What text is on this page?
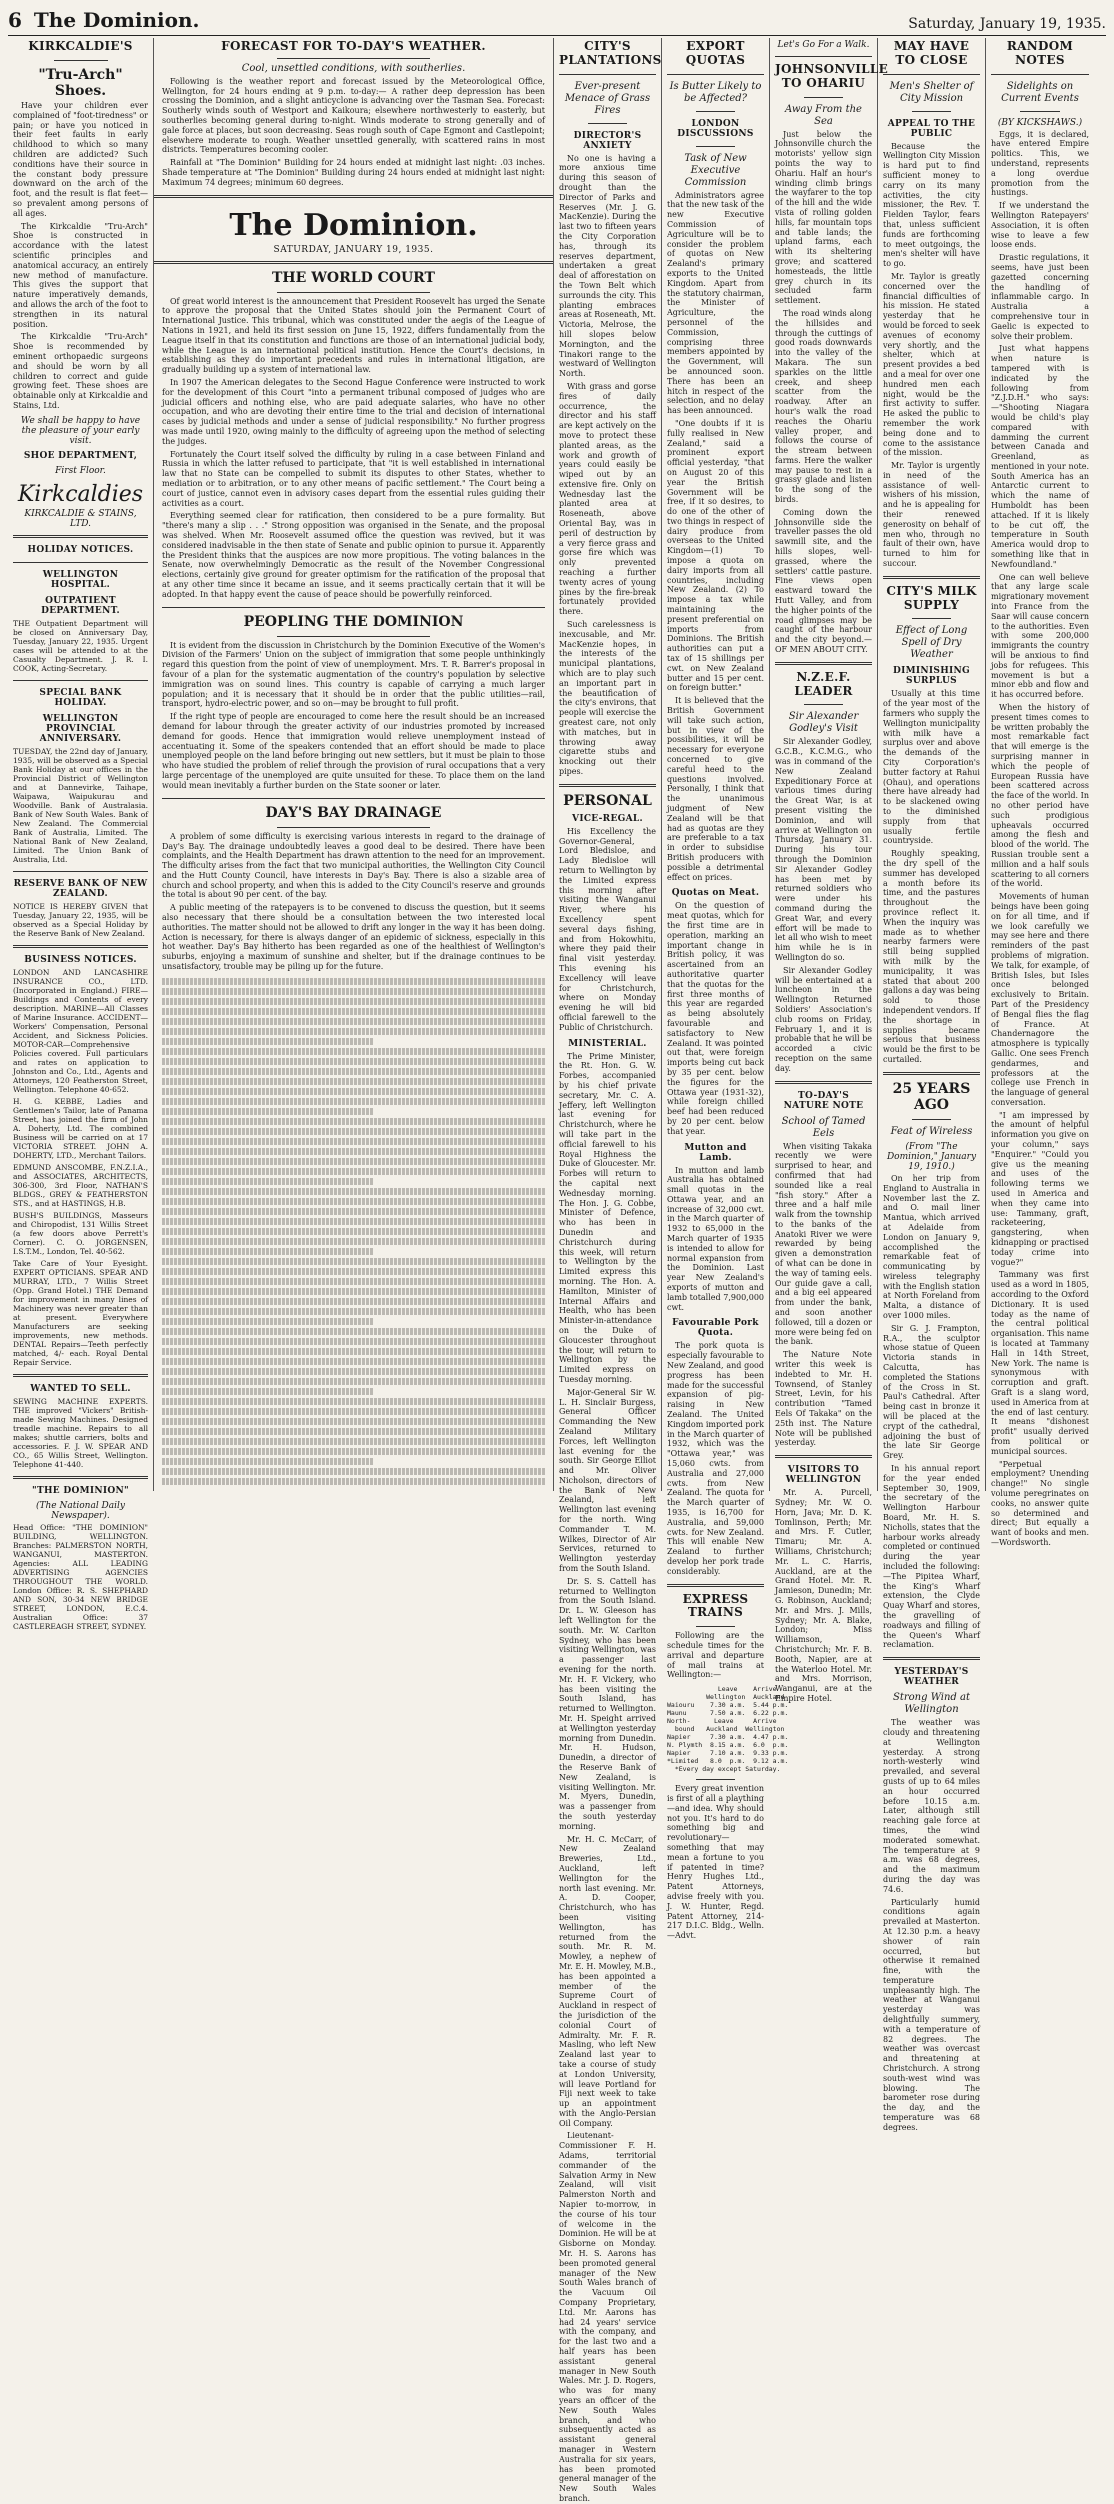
6 The Dominion.	Saturday, January 19, 1935.
KIRKCALDIE'S
"Tru-Arch" Shoes.

Have your children ever complained of "foot-tiredness" or pain; or have you noticed in their feet faults in early childhood to which so many children are addicted? Such conditions have their source in the constant body pressure downward on the arch of the foot, and the result is flat feet—so prevalent among persons of all ages.

The Kirkcaldie "Tru-Arch" Shoe is constructed in accordance with the latest scientific principles and anatomical accuracy, an entirely new method of manufacture. This gives the support that nature imperatively demands, and allows the arch of the foot to strengthen in its natural position.

The Kirkcaldie "Tru-Arch" Shoe is recommended by eminent orthopaedic surgeons and should be worn by all children to correct and guide growing feet. These shoes are obtainable only at Kirkcaldie and Stains, Ltd.

We shall be happy to have the pleasure of your early visit.
SHOE DEPARTMENT,
First Floor.
Kirkcaldies
KIRKCALDIE & STAINS, LTD.
HOLIDAY NOTICES.
WELLINGTON HOSPITAL.
OUTPATIENT DEPARTMENT.

THE Outpatient Department will be closed on Anniversary Day, Tuesday, January 22, 1935. Urgent cases will be attended to at the Casualty Department. J. R. I. COOK, Acting-Secretary.

SPECIAL BANK HOLIDAY.
WELLINGTON PROVINCIAL ANNIVERSARY.

TUESDAY, the 22nd day of January, 1935, will be observed as a Special Bank Holiday at our offices in the Provincial District of Wellington and at Dannevirke, Taihape, Waipawa, Waipukurau and Woodville. Bank of Australasia. Bank of New South Wales. Bank of New Zealand. The Commercial Bank of Australia, Limited. The National Bank of New Zealand, Limited. The Union Bank of Australia, Ltd.

RESERVE BANK OF NEW ZEALAND.

NOTICE IS HEREBY GIVEN that Tuesday, January 22, 1935, will be observed as a Special Holiday by the Reserve Bank of New Zealand.

BUSINESS NOTICES.

LONDON AND LANCASHIRE INSURANCE CO., LTD. (Incorporated in England.) FIRE—Buildings and Contents of every description. MARINE—All Classes of Marine Insurance. ACCIDENT—Workers' Compensation, Personal Accident, and Sickness Policies. MOTOR-CAR—Comprehensive Policies covered. Full particulars and rates on application to Johnston and Co., Ltd., Agents and Attorneys, 120 Featherston Street, Wellington. Telephone 40-652.

H. G. KEBBE, Ladies and Gentlemen's Tailor, late of Panama Street, has joined the firm of John A. Doherty, Ltd. The combined Business will be carried on at 17 VICTORIA STREET. JOHN A. DOHERTY, LTD., Merchant Tailors.

EDMUND ANSCOMBE, F.N.Z.I.A., and ASSOCIATES, ARCHITECTS, 306-300, 3rd Floor, NATHAN'S BLDGS., GREY & FEATHERSTON STS., and at HASTINGS, H.B.

BUSH'S BUILDINGS, Masseurs and Chiropodist, 131 Willis Street (a few doors above Perrett's Corner). C. O. JORGENSEN, I.S.T.M., London, Tel. 40-562.

Take Care of Your Eyesight. EXPERT OPTICIANS. SPEAR AND MURRAY, LTD., 7 Willis Street (Opp. Grand Hotel.) THE Demand for improvement in many lines of Machinery was never greater than at present. Everywhere Manufacturers are seeking improvements, new methods. DENTAL Repairs—Teeth perfectly matched, 4/- each. Royal Dental Repair Service.

WANTED TO SELL.

SEWING MACHINE EXPERTS. THE improved "Vickers" British-made Sewing Machines. Designed treadle machine. Repairs to all makes; shuttle carriers, bolts and accessories. F. J. W. SPEAR AND CO., 65 Willis Street, Wellington. Telephone 41-440.

"THE DOMINION"
(The National Daily Newspaper).

Head Office: "THE DOMINION" BUILDING, WELLINGTON. Branches: PALMERSTON NORTH, WANGANUI, MASTERTON. Agencies: ALL LEADING ADVERTISING AGENCIES THROUGHOUT THE WORLD. London Office: R. S. SHEPHARD AND SON, 30-34 NEW BRIDGE STREET, LONDON, E.C.4. Australian Office: 37 CASTLEREAGH STREET, SYDNEY.

FORECAST FOR TO-DAY'S WEATHER.
Cool, unsettled conditions, with southerlies.

Following is the weather report and forecast issued by the Meteorological Office, Wellington, for 24 hours ending at 9 p.m. to-day:— A rather deep depression has been crossing the Dominion, and a slight anticyclone is advancing over the Tasman Sea. Forecast: Southerly winds south of Westport and Kaikoura; elsewhere northwesterly to easterly, but southerlies becoming general during to-night. Winds moderate to strong generally and of gale force at places, but soon decreasing. Seas rough south of Cape Egmont and Castlepoint; elsewhere moderate to rough. Weather unsettled generally, with scattered rains in most districts. Temperatures becoming cooler.

Rainfall at "The Dominion" Building for 24 hours ended at midnight last night: .03 inches. Shade temperature at "The Dominion" Building during 24 hours ended at midnight last night: Maximum 74 degrees; minimum 60 degrees.

The Dominion.
SATURDAY, JANUARY 19, 1935.
THE WORLD COURT

Of great world interest is the announcement that President Roosevelt has urged the Senate to approve the proposal that the United States should join the Permanent Court of International Justice. This tribunal, which was constituted under the aegis of the League of Nations in 1921, and held its first session on June 15, 1922, differs fundamentally from the League itself in that its constitution and functions are those of an international judicial body, while the League is an international political institution. Hence the Court's decisions, in establishing as they do important precedents and rules in international litigation, are gradually building up a system of international law.

In 1907 the American delegates to the Second Hague Conference were instructed to work for the development of this Court "into a permanent tribunal composed of judges who are judicial officers and nothing else, who are paid adequate salaries, who have no other occupation, and who are devoting their entire time to the trial and decision of international cases by judicial methods and under a sense of judicial responsibility." No further progress was made until 1920, owing mainly to the difficulty of agreeing upon the method of selecting the judges.

Fortunately the Court itself solved the difficulty by ruling in a case between Finland and Russia in which the latter refused to participate, that "it is well established in international law that no State can be compelled to submit its disputes to other States, whether to mediation or to arbitration, or to any other means of pacific settlement." The Court being a court of justice, cannot even in advisory cases depart from the essential rules guiding their activities as a court.

Everything seemed clear for ratification, then considered to be a pure formality. But "there's many a slip . . ." Strong opposition was organised in the Senate, and the proposal was shelved. When Mr. Roosevelt assumed office the question was revived, but it was considered inadvisable in the then state of Senate and public opinion to pursue it. Apparently the President thinks that the auspices are now more propitious. The voting balances in the Senate, now overwhelmingly Democratic as the result of the November Congressional elections, certainly give ground for greater optimism for the ratification of the proposal that at any other time since it became an issue, and it seems practically certain that it will be adopted. In that happy event the cause of peace should be powerfully reinforced.

PEOPLING THE DOMINION

It is evident from the discussion in Christchurch by the Dominion Executive of the Women's Division of the Farmers' Union on the subject of immigration that some people unthinkingly regard this question from the point of view of unemployment. Mrs. T. R. Barrer's proposal in favour of a plan for the systematic augmentation of the country's population by selective immigration was on sound lines. This country is capable of carrying a much larger population; and it is necessary that it should be in order that the public utilities—rail, transport, hydro-electric power, and so on—may be brought to full profit.

If the right type of people are encouraged to come here the result should be an increased demand for labour through the greater activity of our industries promoted by increased demand for goods. Hence that immigration would relieve unemployment instead of accentuating it. Some of the speakers contended that an effort should be made to place unemployed people on the land before bringing out new settlers, but it must be plain to those who have studied the problem of relief through the provision of rural occupations that a very large percentage of the unemployed are quite unsuited for these. To place them on the land would mean inevitably a further burden on the State sooner or later.

DAY'S BAY DRAINAGE

A problem of some difficulty is exercising various interests in regard to the drainage of Day's Bay. The drainage undoubtedly leaves a good deal to be desired. There have been complaints, and the Health Department has drawn attention to the need for an improvement. The difficulty arises from the fact that two municipal authorities, the Wellington City Council and the Hutt County Council, have interests in Day's Bay. There is also a sizable area of church and school property, and when this is added to the City Council's reserve and grounds the total is about 90 per cent. of the bay.

A public meeting of the ratepayers is to be convened to discuss the question, but it seems also necessary that there should be a consultation between the two interested local authorities. The matter should not be allowed to drift any longer in the way it has been doing. Action is necessary, for there is always danger of an epidemic of sickness, especially in this hot weather. Day's Bay hitherto has been regarded as one of the healthiest of Wellington's suburbs, enjoying a maximum of sunshine and shelter, but if the drainage continues to be unsatisfactory, trouble may be piling up for the future.

CITY'S PLANTATIONS
Ever-present Menace of Grass Fires
DIRECTOR'S ANXIETY

No one is having a more anxious time during this season of drought than the Director of Parks and Reserves (Mr. J. G. MacKenzie). During the last two to fifteen years the City Corporation has, through its reserves department, undertaken a great deal of afforestation on the Town Belt which surrounds the city. This planting embraces areas at Roseneath, Mt. Victoria, Melrose, the hill slopes below Mornington, and the Tinakori range to the westward of Wellington North.

With grass and gorse fires of daily occurrence, the director and his staff are kept actively on the move to protect these planted areas, as the work and growth of years could easily be wiped out by an extensive fire. Only on Wednesday last the planted area at Roseneath, above Oriental Bay, was in peril of destruction by a very fierce grass and gorse fire which was only prevented reaching a further twenty acres of young pines by the fire-break fortunately provided there.

Such carelessness is inexcusable, and Mr. MacKenzie hopes, in the interests of the municipal plantations, which are to play such an important part in the beautification of the city's environs, that people will exercise the greatest care, not only with matches, but in throwing away cigarette stubs and knocking out their pipes.

PERSONAL
VICE-REGAL.

His Excellency the Governor-General, Lord Bledisloe, and Lady Bledisloe will return to Wellington by the Limited express this morning after visiting the Wanganui River, where his Excellency spent several days fishing, and from Hokowhitu, where they paid their final visit yesterday. This evening his Excellency will leave for Christchurch, where on Monday evening he will bid official farewell to the Public of Christchurch.

MINISTERIAL.

The Prime Minister, the Rt. Hon. G. W. Forbes, accompanied by his chief private secretary, Mr. C. A. Jeffery, left Wellington last evening for Christchurch, where he will take part in the official farewell to his Royal Highness the Duke of Gloucester. Mr. Forbes will return to the capital next Wednesday morning. The Hon. J. G. Cobbe, Minister of Defence, who has been in Dunedin and Christchurch during this week, will return to Wellington by the Limited express this morning. The Hon. A. Hamilton, Minister of Internal Affairs and Health, who has been Minister-in-attendance on the Duke of Gloucester throughout the tour, will return to Wellington by the Limited express on Tuesday morning.

Major-General Sir W. L. H. Sinclair Burgess, General Officer Commanding the New Zealand Military Forces, left Wellington last evening for the south. Sir George Elliot and Mr. Oliver Nicholson, directors of the Bank of New Zealand, left Wellington last evening for the north. Wing Commander T. M. Wilkes, Director of Air Services, returned to Wellington yesterday from the South Island.

Dr. S. S. Cattell has returned to Wellington from the South Island. Dr. L. W. Gleeson has left Wellington for the south. Mr. W. Carlton Sydney, who has been visiting Wellington, was a passenger last evening for the north. Mr. H. F. Vickery, who has been visiting the South Island, has returned to Wellington. Mr. H. Speight arrived at Wellington yesterday morning from Dunedin. Mr. H. Hudson, Dunedin, a director of the Reserve Bank of New Zealand, is visiting Wellington. Mr. M. Myers, Dunedin, was a passenger from the south yesterday morning.

Mr. H. C. McCarr, of New Zealand Breweries, Ltd., Auckland, left Wellington for the north last evening. Mr. A. D. Cooper, Christchurch, who has been visiting Wellington, has returned from the south. Mr. R. M. Mowley, a nephew of Mr. E. H. Mowley, M.B., has been appointed a member of the Supreme Court of Auckland in respect of the jurisdiction of the colonial Court of Admiralty. Mr. F. R. Masling, who left New Zealand last year to take a course of study at London University, will leave Portland for Fiji next week to take up an appointment with the Anglo-Persian Oil Company.

Lieutenant-Commissioner F. H. Adams, territorial commander of the Salvation Army in New Zealand, will visit Palmerston North and Napier to-morrow, in the course of his tour of welcome in the Dominion. He will be at Gisborne on Monday. Mr. H. S. Aarons has been promoted general manager of the New South Wales branch of the Vacuum Oil Company Proprietary, Ltd. Mr. Aarons has had 24 years' service with the company, and for the last two and a half years has been assistant general manager in New South Wales. Mr. J. D. Rogers, who was for many years an officer of the New South Wales branch, and who subsequently acted as assistant general manager in Western Australia for six years, has been promoted general manager of the New South Wales branch.

EXPORT QUOTAS
Is Butter Likely to be Affected?
LONDON DISCUSSIONS
Task of New Executive Commission

Administrators agree that the new task of the new Executive Commission of Agriculture will be to consider the problem of quotas on New Zealand's primary exports to the United Kingdom. Apart from the statutory chairman, the Minister of Agriculture, the personnel of the Commission, comprising three members appointed by the Government, will be announced soon. There has been an hitch in respect of the selection, and no delay has been announced.

"One doubts if it is fully realised in New Zealand," said a prominent export official yesterday, "that on August 20 of this year the British Government will be free, if it so desires, to do one of the other of two things in respect of dairy produce from overseas to the United Kingdom—(1) To impose a quota on dairy imports from all countries, including New Zealand. (2) To impose a tax while maintaining the present preferential on imports from Dominions. The British authorities can put a tax of 15 shillings per cwt. on New Zealand butter and 15 per cent. on foreign butter."

It is believed that the British Government will take such action, but in view of the possibilities, it will be necessary for everyone concerned to give careful heed to the questions involved. Personally, I think that the unanimous judgment of New Zealand will be that had as quotas are they are preferable to a tax in order to subsidise British producers with possible a detrimental effect on prices.

Quotas on Meat.

On the question of meat quotas, which for the first time are in operation, marking an important change in British policy, it was ascertained from an authoritative quarter that the quotas for the first three months of this year are regarded as being absolutely favourable and satisfactory to New Zealand. It was pointed out that, were foreign imports being cut back by 35 per cent. below the figures for the Ottawa year (1931-32), while foreign chilled beef had been reduced by 20 per cent. below that year.

Mutton and Lamb.

In mutton and lamb Australia has obtained small quotas in the Ottawa year, and an increase of 32,000 cwt. in the March quarter of 1932 to 65,000 in the March quarter of 1935 is intended to allow for normal expansion from the Dominion. Last year New Zealand's exports of mutton and lamb totalled 7,900,000 cwt.

Favourable Pork Quota.

The pork quota is especially favourable to New Zealand, and good progress has been made for the successful expansion of pig-raising in New Zealand. The United Kingdom imported pork in the March quarter of 1932, which was the "Ottawa year," was 15,060 cwts. from Australia and 27,000 cwts. from New Zealand. The quota for the March quarter of 1935, is 16,700 for Australia, and 59,000 cwts. for New Zealand. This will enable New Zealand to further develop her pork trade considerably.

EXPRESS TRAINS

Following are the schedule times for the arrival and departure of mail trains at Wellington:—

Leave    Arrive
Wellington  Auckland
Waiouru    7.30 a.m.  5.44 p.m.
Maunu      7.50 a.m.  6.22 p.m.
North-      Leave     Arrive
bound   Auckland  Wellington
Napier     7.30 a.m.  4.47 p.m.
N. Plymth  8.15 a.m.  6.0  p.m.
Napier     7.10 a.m.  9.33 p.m.
*Limited   8.0  p.m.  9.12 a.m.
*Every day except Saturday.

Every great invention is first of all a plaything—and idea. Why should not you. It's hard to do something big and revolutionary—something that may mean a fortune to you if patented in time? Henry Hughes Ltd., Patent Attorneys, advise freely with you. J. W. Hunter, Regd. Patent Attorney, 214-217 D.I.C. Bldg., Welln.—Advt.

Let's Go For a Walk.
JOHNSONVILLE TO OHARIU
Away From the Sea

Just below the Johnsonville church the motorists' yellow sign points the way to Ohariu. Half an hour's winding climb brings the wayfarer to the top of the hill and the wide vista of rolling golden hills, far mountain tops and table lands; the upland farms, each with its sheltering grove; and scattered homesteads, the little grey church in its secluded farm settlement.

The road winds along the hillsides and through the cuttings of good roads downwards into the valley of the Makara. The sun sparkles on the little creek, and sheep scatter from the roadway. After an hour's walk the road reaches the Ohariu valley proper, and follows the course of the stream between farms. Here the walker may pause to rest in a grassy glade and listen to the song of the birds.

Coming down the Johnsonville side the traveller passes the old sawmill site, and the hills slopes, well-grassed, where the settlers' cattle pasture. Fine views open eastward toward the Hutt Valley, and from the higher points of the road glimpses may be caught of the harbour and the city beyond.—OF MEN ABOUT CITY.

N.Z.E.F. LEADER
Sir Alexander Godley's Visit

Sir Alexander Godley, G.C.B., K.C.M.G., who was in command of the New Zealand Expeditionary Force at various times during the Great War, is at present visiting the Dominion, and will arrive at Wellington on Thursday, January 31. During his tour through the Dominion Sir Alexander Godley has been met by returned soldiers who were under his command during the Great War, and every effort will be made to let all who wish to meet him while he is in Wellington do so.

Sir Alexander Godley will be entertained at a luncheon in the Wellington Returned Soldiers' Association's club rooms on Friday, February 1, and it is probable that he will be accorded a civic reception on the same day.

TO-DAY'S NATURE NOTE
School of Tamed Eels

When visiting Takaka recently we were surprised to hear, and confirmed that had sounded like a real "fish story." After a three and a half mile walk from the township to the banks of the Anatoki River we were rewarded by being given a demonstration of what can be done in the way of taming eels. Our guide gave a call, and a big eel appeared from under the bank, and soon another followed, till a dozen or more were being fed on the bank.

The Nature Note writer this week is indebted to Mr. H. Townsend, of Stanley Street, Levin, for his contribution "Tamed Eels Of Takaka" on the 25th inst. The Nature Note will be published yesterday.

VISITORS TO WELLINGTON

Mr. A. Purcell, Sydney; Mr. W. O. Horn, Java; Mr. D. K. Tomlinson, Perth; Mr. and Mrs. F. Cutler, Timaru; Mr. A. Williams, Christchurch; Mr. L. C. Harris, Auckland, are at the Grand Hotel. Mr. R. Jamieson, Dunedin; Mr. G. Robinson, Auckland; Mr. and Mrs. J. Mills, Sydney; Mr. A. Blake, London; Miss Williamson, Christchurch; Mr. F. B. Booth, Napier, are at the Waterloo Hotel. Mr. and Mrs. Morrison, Wanganui, are at the Empire Hotel.

MAY HAVE TO CLOSE
Men's Shelter of City Mission
APPEAL TO THE PUBLIC

Because the Wellington City Mission is hard put to find sufficient money to carry on its many activities, the city missioner, the Rev. T. Fielden Taylor, fears that, unless sufficient funds are forthcoming to meet outgoings, the men's shelter will have to go.

Mr. Taylor is greatly concerned over the financial difficulties of his mission. He stated yesterday that he would be forced to seek avenues of economy very shortly, and the shelter, which at present provides a bed and a meal for over one hundred men each night, would be the first activity to suffer. He asked the public to remember the work being done and to come to the assistance of the mission.

Mr. Taylor is urgently in need of the assistance of well-wishers of his mission, and he is appealing for their renewed generosity on behalf of men who, through no fault of their own, have turned to him for succour.

CITY'S MILK SUPPLY
Effect of Long Spell of Dry Weather
DIMINISHING SURPLUS

Usually at this time of the year most of the farmers who supply the Wellington municipality with milk have a surplus over and above the demands of the City Corporation's butter factory at Rahui (Ohau), and operations there have already had to be slackened owing to the diminished supply from that usually fertile countryside.

Roughly speaking, the dry spell of the summer has developed a month before its time, and the pastures throughout the province reflect it. When the inquiry was made as to whether nearby farmers were still being supplied with milk by the municipality, it was stated that about 200 gallons a day was being sold to those independent vendors. If the shortage in supplies became serious that business would be the first to be curtailed.

25 YEARS AGO
Feat of Wireless
(From "The Dominion," January 19, 1910.)

On her trip from England to Australia in November last the Z. and O. mail liner Mantua, which arrived at Adelaide from London on January 9, accomplished the remarkable feat of communicating by wireless telegraphy with the English station at North Foreland from Malta, a distance of over 1000 miles.

Sir G. J. Frampton, R.A., the sculptor whose statue of Queen Victoria stands in Calcutta, has completed the Stations of the Cross in St. Paul's Cathedral. After being cast in bronze it will be placed at the crypt of the cathedral, adjoining the bust of the late Sir George Grey.

In his annual report for the year ended September 30, 1909, the secretary of the Wellington Harbour Board, Mr. H. S. Nicholls, states that the harbour works already completed or continued during the year included the following:—The Pipitea Wharf, the King's Wharf extension, the Clyde Quay Wharf and stores, the gravelling of roadways and filling of the Queen's Wharf reclamation.

YESTERDAY'S WEATHER
Strong Wind at Wellington

The weather was cloudy and threatening at Wellington yesterday. A strong north-westerly wind prevailed, and several gusts of up to 64 miles an hour occurred before 10.15 a.m. Later, although still reaching gale force at times, the wind moderated somewhat. The temperature at 9 a.m. was 68 degrees, and the maximum during the day was 74.6.

Particularly humid conditions again prevailed at Masterton. At 12.30 p.m. a heavy shower of rain occurred, but otherwise it remained fine, with the temperature unpleasantly high. The weather at Wanganui yesterday was delightfully summery, with a temperature of 82 degrees. The weather was overcast and threatening at Christchurch. A strong south-west wind was blowing. The barometer rose during the day, and the temperature was 68 degrees.

RANDOM NOTES
Sidelights on Current Events
(BY KICKSHAWS.)

Eggs, it is declared, have entered Empire politics. This, we understand, represents a long overdue promotion from the hustings.

If we understand the Wellington Ratepayers' Association, it is often wise to leave a few loose ends.

Drastic regulations, it seems, have just been gazetted concerning the handling of inflammable cargo. In Australia a comprehensive tour in Gaelic is expected to solve their problem.

Just what happens when nature is tampered with is indicated by the following from "Z.J.D.H." who says:—"Shooting Niagara would be child's play compared with damming the current between Canada and Greenland, as mentioned in your note. South America has an Antarctic current to which the name of Humboldt has been attached. If it is likely to be cut off, the temperature in South America would drop to something like that in Newfoundland."

One can well believe that any large scale migrationary movement into France from the Saar will cause concern to the authorities. Even with some 200,000 immigrants the country will be anxious to find jobs for refugees. This movement is but a minor ebb and flow and it has occurred before.

When the history of present times comes to be written probably the most remarkable fact that will emerge is the surprising manner in which the people of European Russia have been scattered across the face of the world. In no other period have such prodigious upheavals occurred among the flesh and blood of the world. The Russian trouble sent a million and a half souls scattering to all corners of the world.

Movements of human beings have been going on for all time, and if we look carefully we may see here and there reminders of the past problems of migration. We talk, for example, of British Isles, but Isles once belonged exclusively to Britain. Part of the Presidency of Bengal flies the flag of France. At Chandernagore the atmosphere is typically Gallic. One sees French gendarmes, and professors at the college use French in the language of general conversation.

"I am impressed by the amount of helpful information you give on your column," says "Enquirer." "Could you give us the meaning and uses of the following terms we used in America and when they came into use: Tammany, graft, racketeering, gangstering, when kidnapping or practised today crime into vogue?"

Tammany was first used as a word in 1805, according to the Oxford Dictionary. It is used today as the name of the central political organisation. This name is located at Tammany Hall in 14th Street, New York. The name is synonymous with corruption and graft. Graft is a slang word, used in America from at the end of last century. It means "dishonest profit" usually derived from political or municipal sources.

"Perpetual employment? Unending change!" No single volume peregrinates on cooks, no answer quite so determined and direct; But equally a want of books and men.—Wordsworth.
